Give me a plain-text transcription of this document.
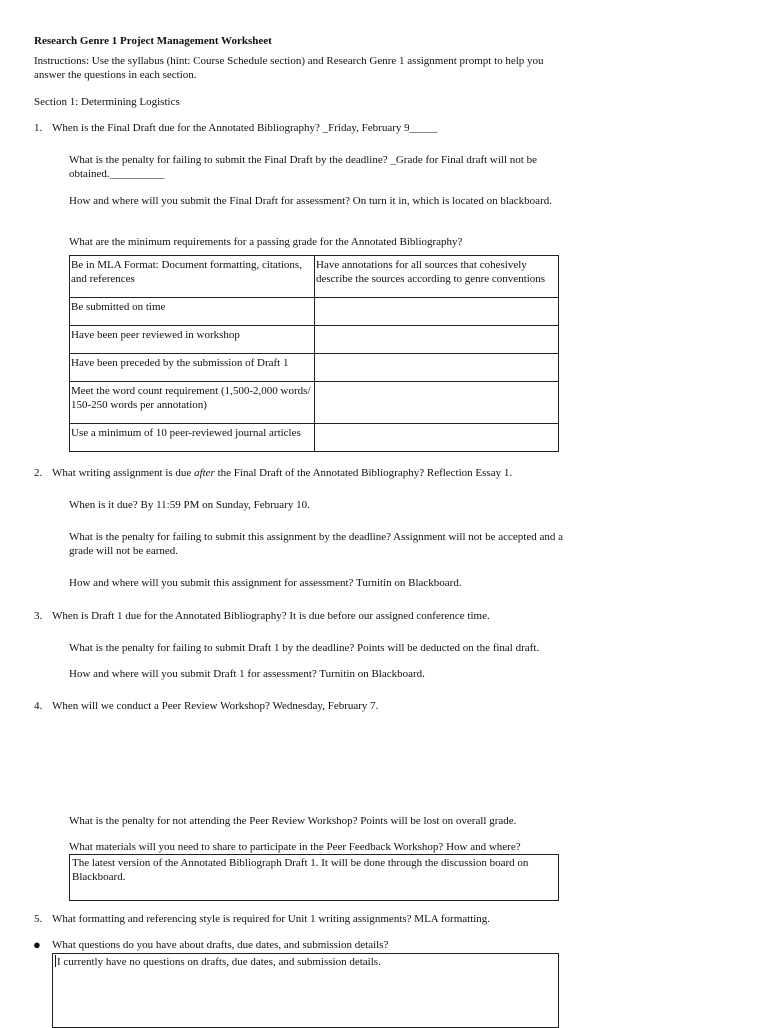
Research Genre 1 Project Management Worksheet
Instructions: Use the syllabus (hint: Course Schedule section) and Research Genre 1 assignment prompt to help you answer the questions in each section.
Section 1: Determining Logistics
1. When is the Final Draft due for the Annotated Bibliography? _Friday, February 9_____
What is the penalty for failing to submit the Final Draft by the deadline? _Grade for Final draft will not be obtained.__________
How and where will you submit the Final Draft for assessment? On turn it in, which is located on blackboard.
What are the minimum requirements for a passing grade for the Annotated Bibliography?
Be in MLA Format: Document formatting, citations, and references	Have annotations for all sources that cohesively describe the sources according to genre conventions
Be submitted on time	
Have been peer reviewed in workshop	
Have been preceded by the submission of Draft 1	
Meet the word count requirement (1,500-2,000 words/ 150-250 words per annotation)	
Use a minimum of 10 peer-reviewed journal articles	
2. What writing assignment is due after the Final Draft of the Annotated Bibliography? Reflection Essay 1.
When is it due? By 11:59 PM on Sunday, February 10.
What is the penalty for failing to submit this assignment by the deadline? Assignment will not be accepted and a grade will not be earned.
How and where will you submit this assignment for assessment? Turnitin on Blackboard.
3. When is Draft 1 due for the Annotated Bibliography? It is due before our assigned conference time.
What is the penalty for failing to submit Draft 1 by the deadline? Points will be deducted on the final draft.
How and where will you submit Draft 1 for assessment? Turnitin on Blackboard.
4. When will we conduct a Peer Review Workshop? Wednesday, February 7.
What is the penalty for not attending the Peer Review Workshop? Points will be lost on overall grade.
What materials will you need to share to participate in the Peer Feedback Workshop? How and where?
The latest version of the Annotated Bibliograph Draft 1. It will be done through the discussion board on Blackboard.
5. What formatting and referencing style is required for Unit 1 writing assignments? MLA formatting.
● What questions do you have about drafts, due dates, and submission details?
I currently have no questions on drafts, due dates, and submission details.
